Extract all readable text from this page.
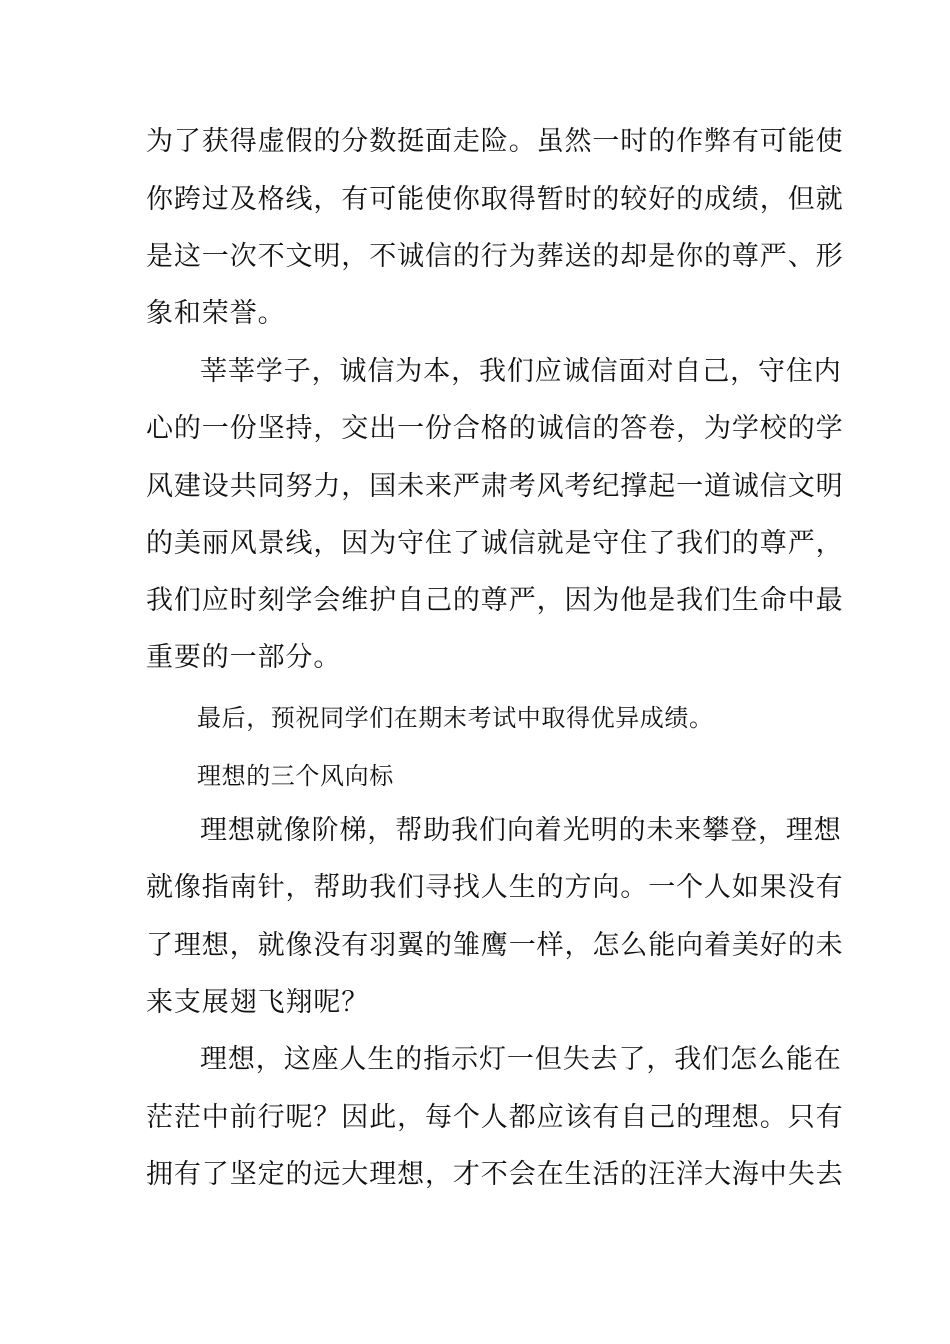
为了获得虚假的分数挺面走险。虽然一时的作弊有可能使
你跨过及格线，有可能使你取得暂时的较好的成绩，但就
是这一次不文明，不诚信的行为葬送的却是你的尊严、形
象和荣誉。
莘莘学子，诚信为本，我们应诚信面对自己，守住内
心的一份坚持，交出一份合格的诚信的答卷，为学校的学
风建设共同努力，国未来严肃考风考纪撑起一道诚信文明
的美丽风景线，因为守住了诚信就是守住了我们的尊严，
我们应时刻学会维护自己的尊严，因为他是我们生命中最
重要的一部分。
最后，预祝同学们在期末考试中取得优异成绩。
理想的三个风向标
理想就像阶梯，帮助我们向着光明的未来攀登，理想
就像指南针，帮助我们寻找人生的方向。一个人如果没有
了理想，就像没有羽翼的雏鹰一样，怎么能向着美好的未
来支展翅飞翔呢？
理想，这座人生的指示灯一但失去了，我们怎么能在
茫茫中前行呢？因此，每个人都应该有自己的理想。只有
拥有了坚定的远大理想，才不会在生活的汪洋大海中失去
